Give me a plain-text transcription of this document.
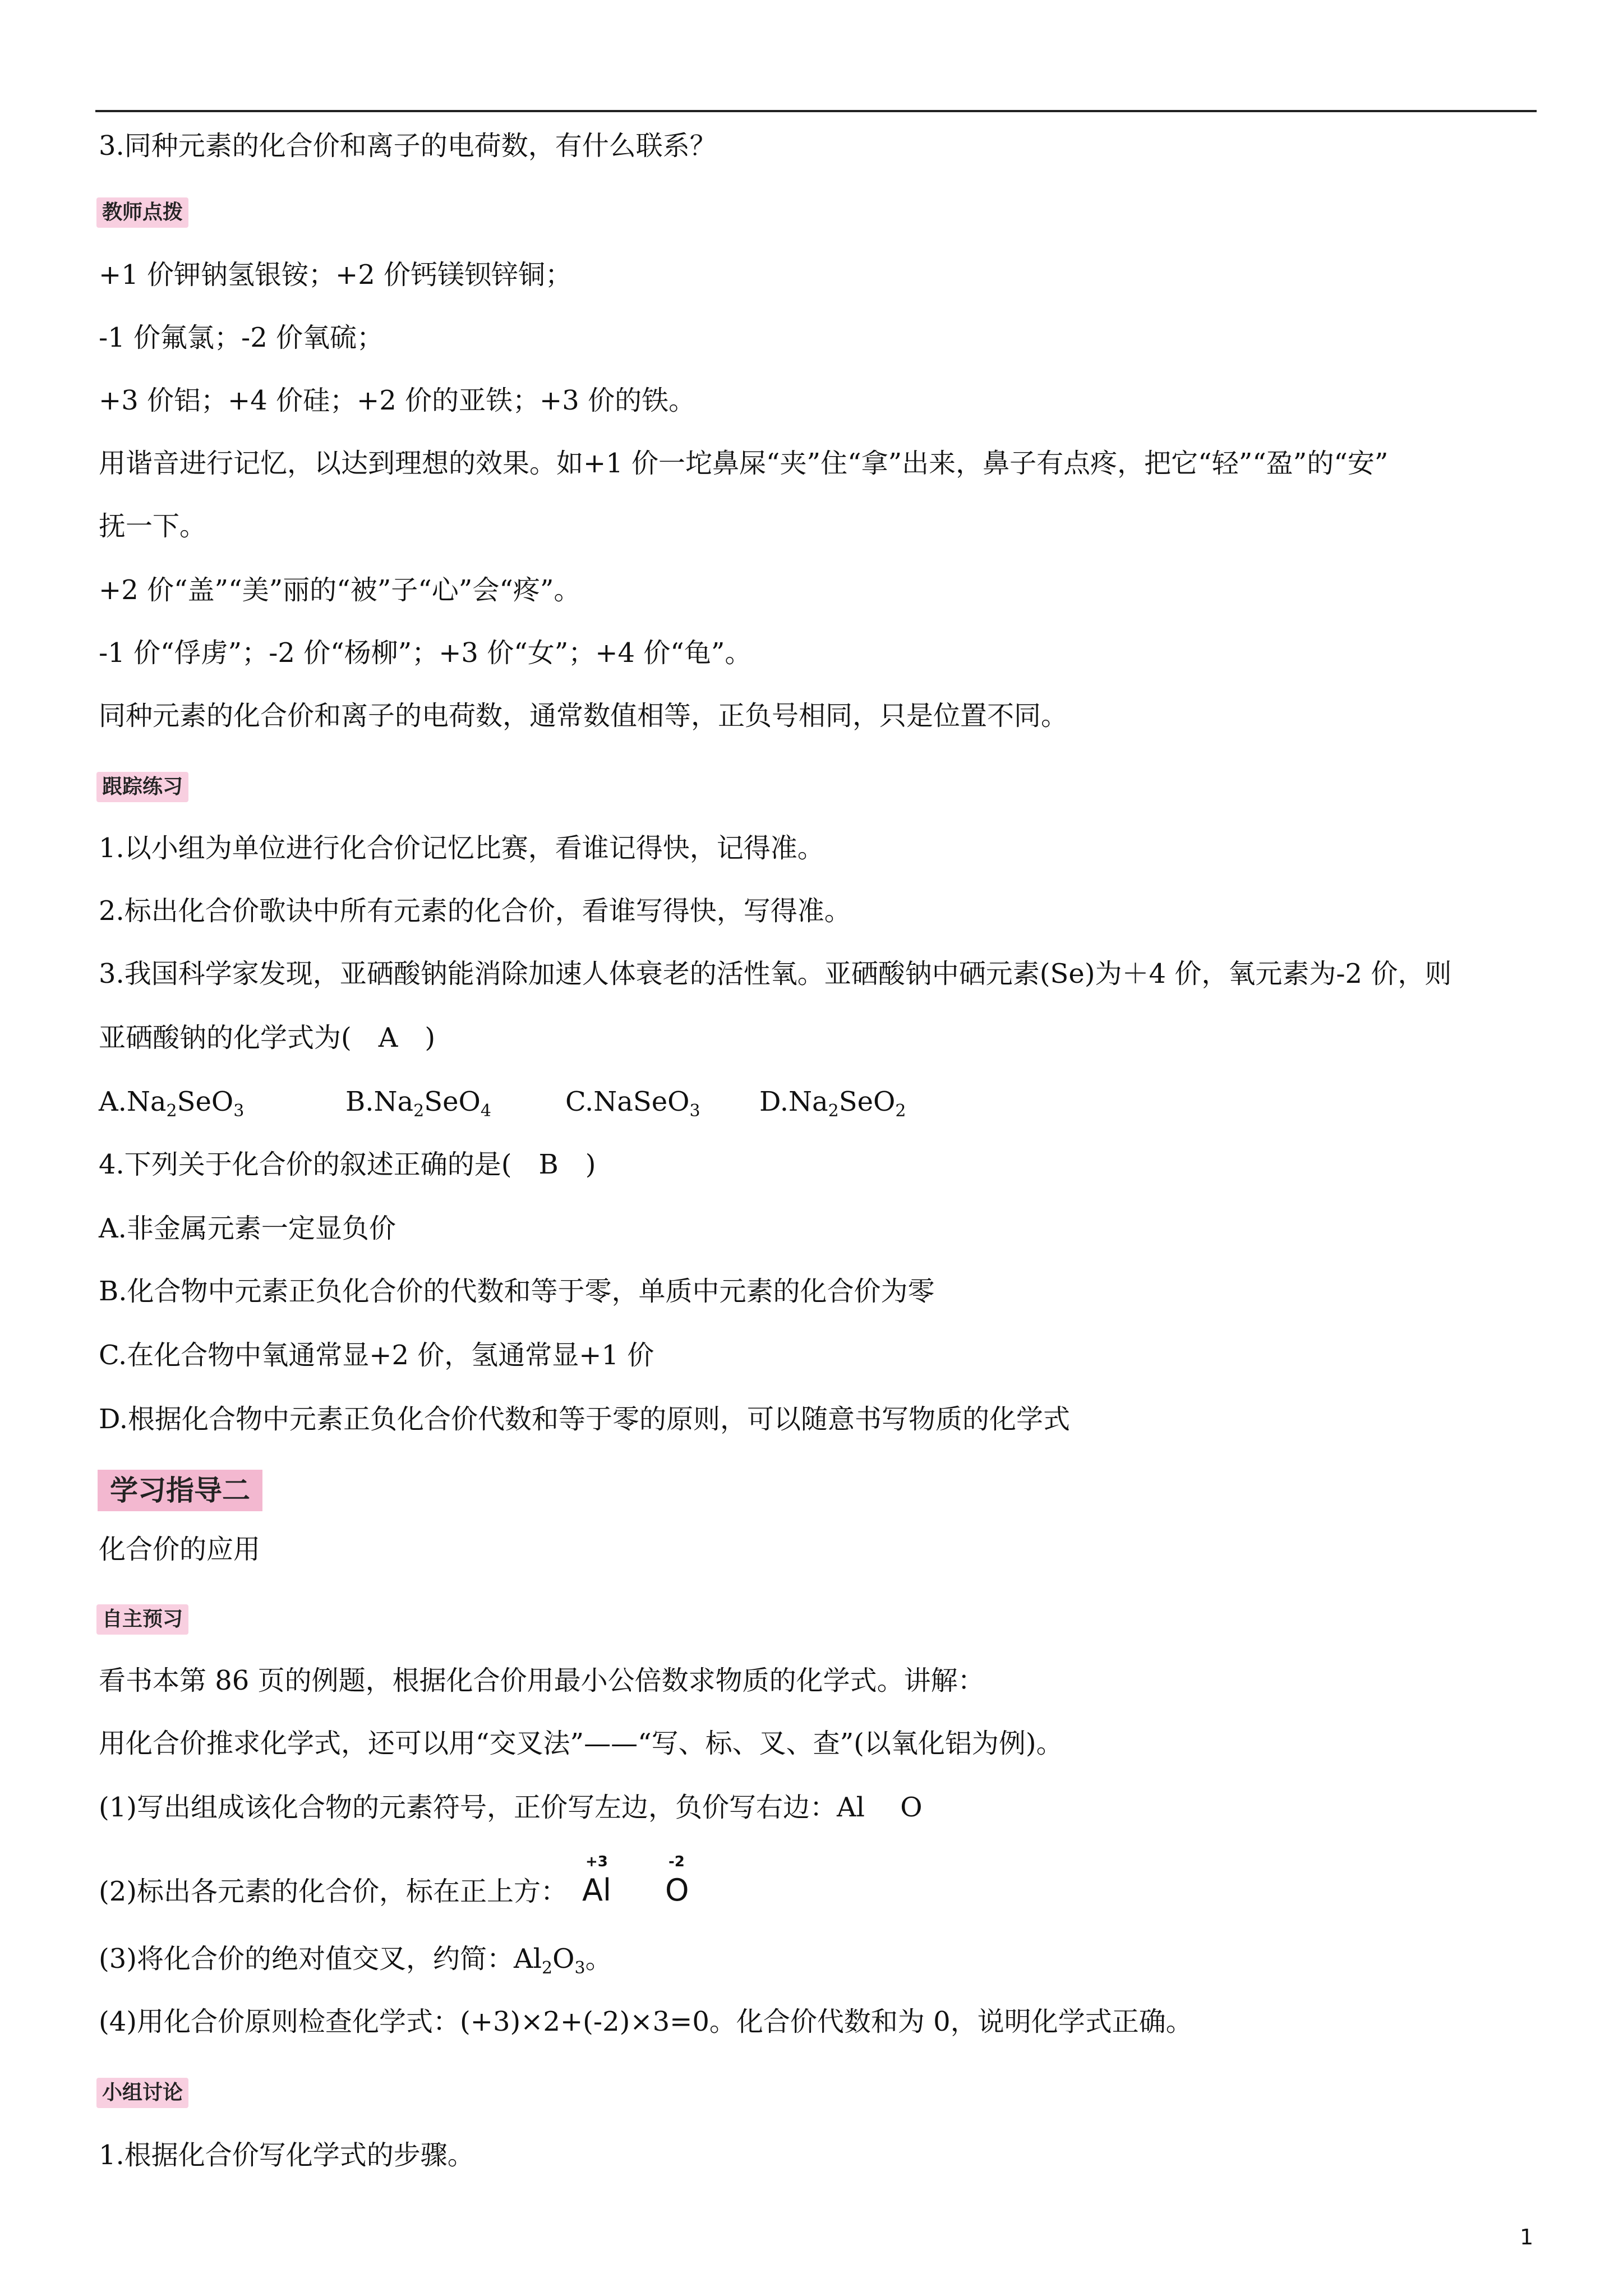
3.同种元素的化合价和离子的电荷数，有什么联系？
教师点拨
+1 价钾钠氢银铵；+2 价钙镁钡锌铜；
-1 价氟氯；-2 价氧硫；
+3 价铝；+4 价硅；+2 价的亚铁；+3 价的铁。
用谐音进行记忆，以达到理想的效果。如+1 价一坨鼻屎“夹”住“拿”出来，鼻子有点疼，把它“轻”“盈”的“安”
抚一下。
+2 价“盖”“美”丽的“被”子“心”会“疼”。
-1 价“俘虏”；-2 价“杨柳”；+3 价“女”；+4 价“龟”。
同种元素的化合价和离子的电荷数，通常数值相等，正负号相同，只是位置不同。
跟踪练习
1.以小组为单位进行化合价记忆比赛，看谁记得快，记得准。
2.标出化合价歌诀中所有元素的化合价，看谁写得快，写得准。
3.我国科学家发现，亚硒酸钠能消除加速人体衰老的活性氧。亚硒酸钠中硒元素(Se)为＋4 价，氧元素为-2 价，则
亚硒酸钠的化学式为(　A　)
$A.Na_2SeO_3$	$B.Na_2SeO_4$	C.NaSeO$_3$ $D.Na_2SeO_2$
4.下列关于化合价的叙述正确的是(　B　)
A.非金属元素一定显负价
B.化合物中元素正负化合价的代数和等于零，单质中元素的化合价为零
C.在化合物中氧通常显+2 价，氢通常显+1 价
D.根据化合物中元素正负化合价代数和等于零的原则，可以随意书写物质的化学式
学习指导二
化合价的应用
自主预习
看书本第 86 页的例题，根据化合价用最小公倍数求物质的化学式。讲解：
用化合价推求化学式，还可以用“交叉法”——“写、标、叉、查”(以氧化铝为例)。
(1)写出组成该化合物的元素符号，正价写左边，负价写右边：Al　 O
(2)标出各元素的化合价，标在正上方：
+3
Al
-2
O
(3)将化合价的绝对值交叉，约简：$Al_2O_3$。
(4)用化合价原则检查化学式：(+3)×2+(-2)×3=0。化合价代数和为 0，说明化学式正确。
小组讨论
1.根据化合价写化学式的步骤。
1
